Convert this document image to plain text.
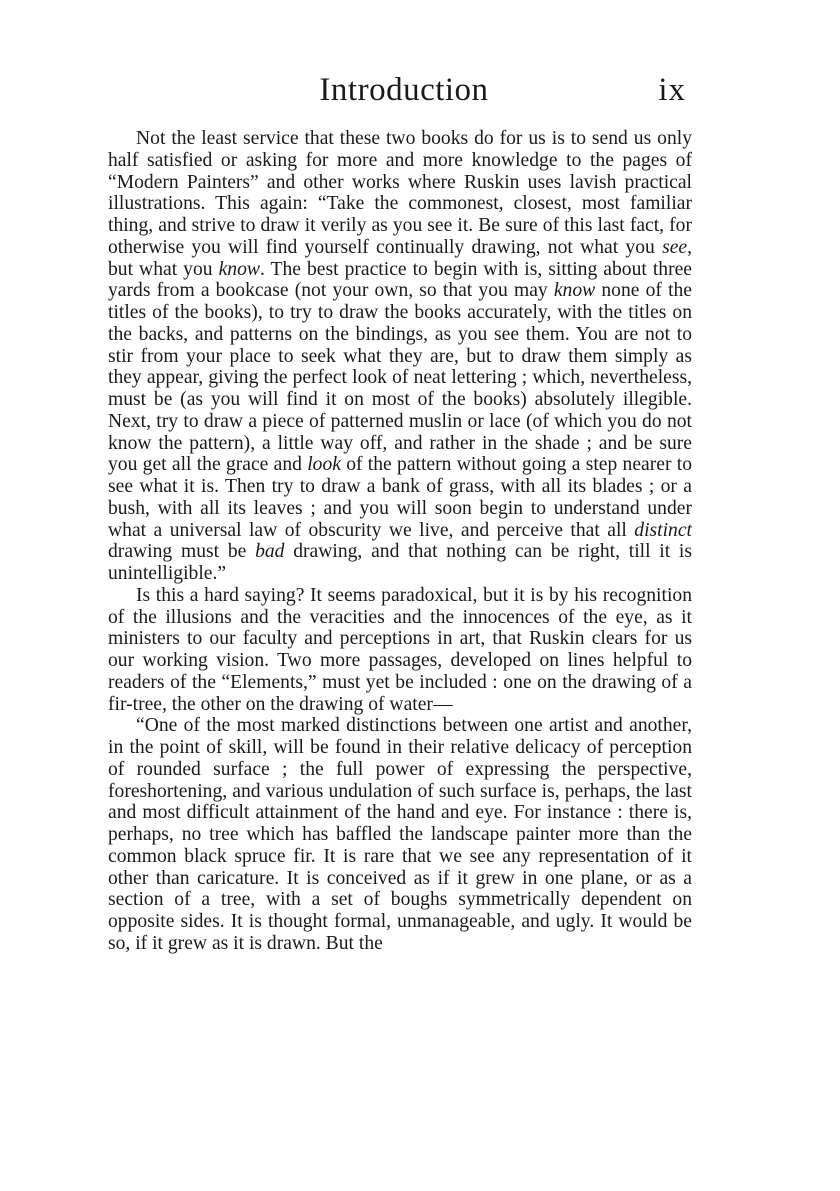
Introduction	ix

Not the least service that these two books do for us is to send us only half satisfied or asking for more and more knowledge to the pages of “Modern Painters” and other works where Ruskin uses lavish practical illustrations. This again: “Take the commonest, closest, most familiar thing, and strive to draw it verily as you see it. Be sure of this last fact, for otherwise you will find yourself continually drawing, not what you see, but what you know. The best practice to begin with is, sitting about three yards from a bookcase (not your own, so that you may know none of the titles of the books), to try to draw the books accurately, with the titles on the backs, and patterns on the bindings, as you see them. You are not to stir from your place to seek what they are, but to draw them simply as they appear, giving the perfect look of neat lettering ; which, nevertheless, must be (as you will find it on most of the books) absolutely illegible. Next, try to draw a piece of patterned muslin or lace (of which you do not know the pattern), a little way off, and rather in the shade ; and be sure you get all the grace and look of the pattern without going a step nearer to see what it is. Then try to draw a bank of grass, with all its blades ; or a bush, with all its leaves ; and you will soon begin to understand under what a universal law of obscurity we live, and perceive that all distinct drawing must be bad drawing, and that nothing can be right, till it is unintelligible.”

Is this a hard saying? It seems paradoxical, but it is by his recognition of the illusions and the veracities and the innocences of the eye, as it ministers to our faculty and perceptions in art, that Ruskin clears for us our working vision. Two more passages, developed on lines helpful to readers of the “Elements,” must yet be included : one on the drawing of a fir-tree, the other on the drawing of water—

“One of the most marked distinctions between one artist and another, in the point of skill, will be found in their relative delicacy of perception of rounded surface ; the full power of expressing the perspective, foreshortening, and various undulation of such surface is, perhaps, the last and most difficult attainment of the hand and eye. For instance : there is, perhaps, no tree which has baffled the landscape painter more than the common black spruce fir. It is rare that we see any representation of it other than caricature. It is conceived as if it grew in one plane, or as a section of a tree, with a set of boughs symmetrically dependent on opposite sides. It is thought formal, unmanageable, and ugly. It would be so, if it grew as it is drawn. But the
